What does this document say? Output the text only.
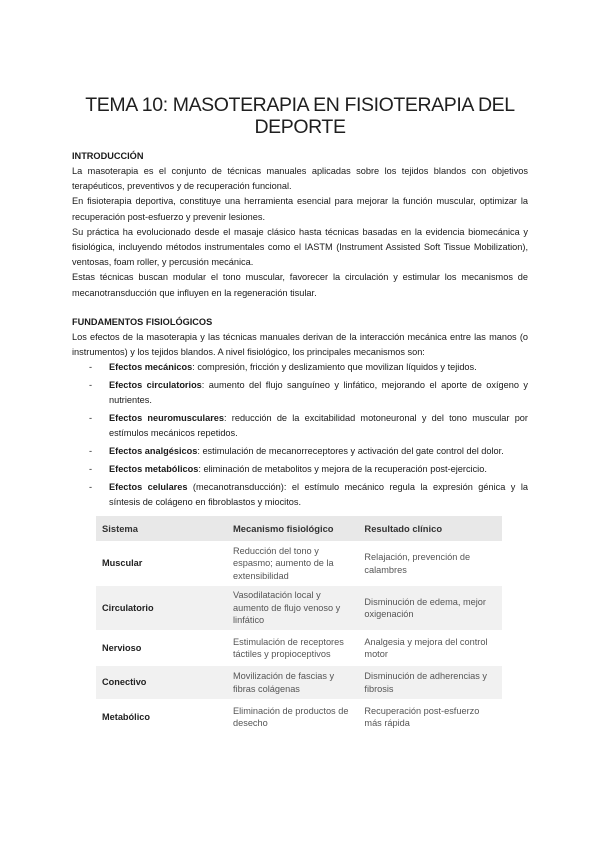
TEMA 10: MASOTERAPIA EN FISIOTERAPIA DEL DEPORTE
INTRODUCCIÓN

La masoterapia es el conjunto de técnicas manuales aplicadas sobre los tejidos blandos con objetivos terapéuticos, preventivos y de recuperación funcional.

En fisioterapia deportiva, constituye una herramienta esencial para mejorar la función muscular, optimizar la recuperación post-esfuerzo y prevenir lesiones.

Su práctica ha evolucionado desde el masaje clásico hasta técnicas basadas en la evidencia biomecánica y fisiológica, incluyendo métodos instrumentales como el IASTM (Instrument Assisted Soft Tissue Mobilization), ventosas, foam roller, y percusión mecánica.

Estas técnicas buscan modular el tono muscular, favorecer la circulación y estimular los mecanismos de mecanotransducción que influyen en la regeneración tisular.

FUNDAMENTOS FISIOLÓGICOS

Los efectos de la masoterapia y las técnicas manuales derivan de la interacción mecánica entre las manos (o instrumentos) y los tejidos blandos. A nivel fisiológico, los principales mecanismos son:

- Efectos mecánicos: compresión, fricción y deslizamiento que movilizan líquidos y tejidos.
- Efectos circulatorios: aumento del flujo sanguíneo y linfático, mejorando el aporte de oxígeno y nutrientes.
- Efectos neuromusculares: reducción de la excitabilidad motoneuronal y del tono muscular por estímulos mecánicos repetidos.
- Efectos analgésicos: estimulación de mecanorreceptores y activación del gate control del dolor.
- Efectos metabólicos: eliminación de metabolitos y mejora de la recuperación post-ejercicio.
- Efectos celulares (mecanotransducción): el estímulo mecánico regula la expresión génica y la síntesis de colágeno en fibroblastos y miocitos.
Sistema	Mecanismo fisiológico	Resultado clínico
Muscular	Reducción del tono y espasmo; aumento de la extensibilidad	Relajación, prevención de calambres
Circulatorio	Vasodilatación local y aumento de flujo venoso y linfático	Disminución de edema, mejor oxigenación
Nervioso	Estimulación de receptores táctiles y propioceptivos	Analgesia y mejora del control motor
Conectivo	Movilización de fascias y fibras colágenas	Disminución de adherencias y fibrosis
Metabólico	Eliminación de productos de desecho	Recuperación post-esfuerzo más rápida
